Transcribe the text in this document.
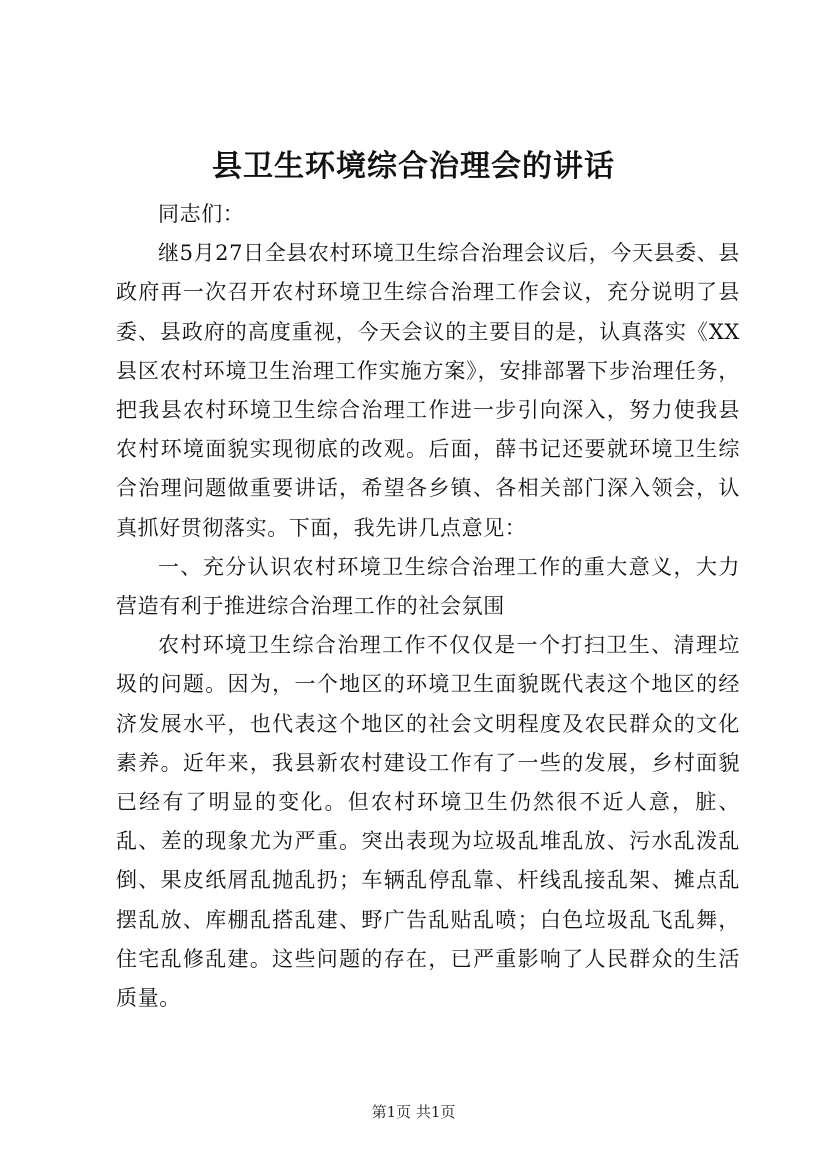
县卫生环境综合治理会的讲话

同志们：

继5月27日全县农村环境卫生综合治理会议后，今天县委、县政府再一次召开农村环境卫生综合治理工作会议，充分说明了县委、县政府的高度重视，今天会议的主要目的是，认真落实《XX县区农村环境卫生治理工作实施方案》，安排部署下步治理任务，把我县农村环境卫生综合治理工作进一步引向深入，努力使我县农村环境面貌实现彻底的改观。后面，薛书记还要就环境卫生综合治理问题做重要讲话，希望各乡镇、各相关部门深入领会，认真抓好贯彻落实。下面，我先讲几点意见：

一、充分认识农村环境卫生综合治理工作的重大意义，大力营造有利于推进综合治理工作的社会氛围

农村环境卫生综合治理工作不仅仅是一个打扫卫生、清理垃圾的问题。因为，一个地区的环境卫生面貌既代表这个地区的经济发展水平，也代表这个地区的社会文明程度及农民群众的文化素养。近年来，我县新农村建设工作有了一些的发展，乡村面貌已经有了明显的变化。但农村环境卫生仍然很不近人意，脏、乱、差的现象尤为严重。突出表现为垃圾乱堆乱放、污水乱泼乱倒、果皮纸屑乱抛乱扔；车辆乱停乱靠、杆线乱接乱架、摊点乱摆乱放、库棚乱搭乱建、野广告乱贴乱喷；白色垃圾乱飞乱舞，住宅乱修乱建。这些问题的存在，已严重影响了人民群众的生活质量。

第1页 共1页
